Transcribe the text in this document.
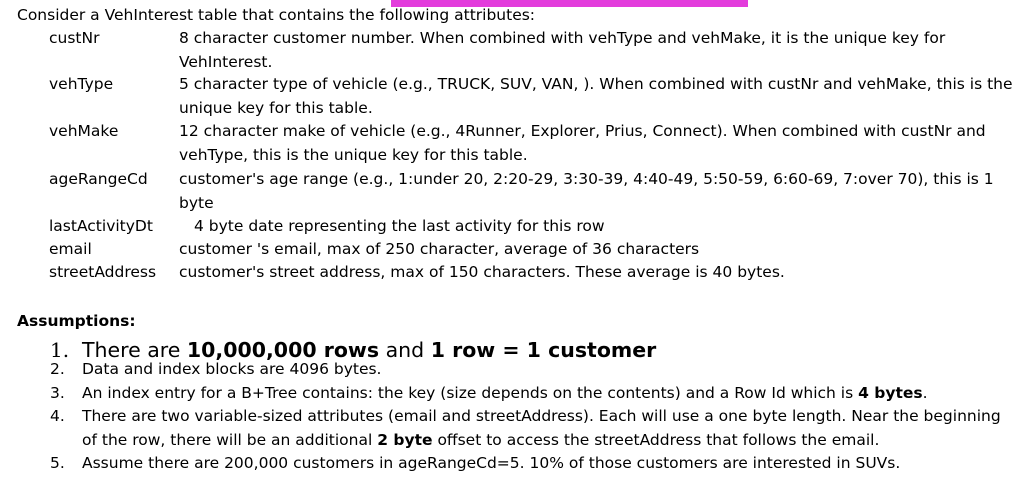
Consider a VehInterest table that contains the following attributes:
custNr	8 character customer number. When combined with vehType and vehMake, it is the unique key for VehInterest.
vehType	5 character type of vehicle (e.g., TRUCK, SUV, VAN, ). When combined with custNr and vehMake, this is the unique key for this table.
vehMake	12 character make of vehicle (e.g., 4Runner, Explorer, Prius, Connect). When combined with custNr and vehType, this is the unique key for this table.
ageRangeCd customer's age range (e.g., 1:under 20, 2:20-29, 3:30-39, 4:40-49, 5:50-59, 6:60-69, 7:over 70), this is 1 byte
lastActivityDt	4 byte date representing the last activity for this row
email	customer 's email, max of 250 character, average of 36 characters
streetAddress customer's street address, max of 150 characters. These average is 40 bytes.
Assumptions:
1. There are 10,000,000 rows and 1 row = 1 customer
2. Data and index blocks are 4096 bytes.
3. An index entry for a B+Tree contains: the key (size depends on the contents) and a Row Id which is 4 bytes.
4. There are two variable-sized attributes (email and streetAddress). Each will use a one byte length. Near the beginning of the row, there will be an additional 2 byte offset to access the streetAddress that follows the email.
5. Assume there are 200,000 customers in ageRangeCd=5. 10% of those customers are interested in SUVs.
